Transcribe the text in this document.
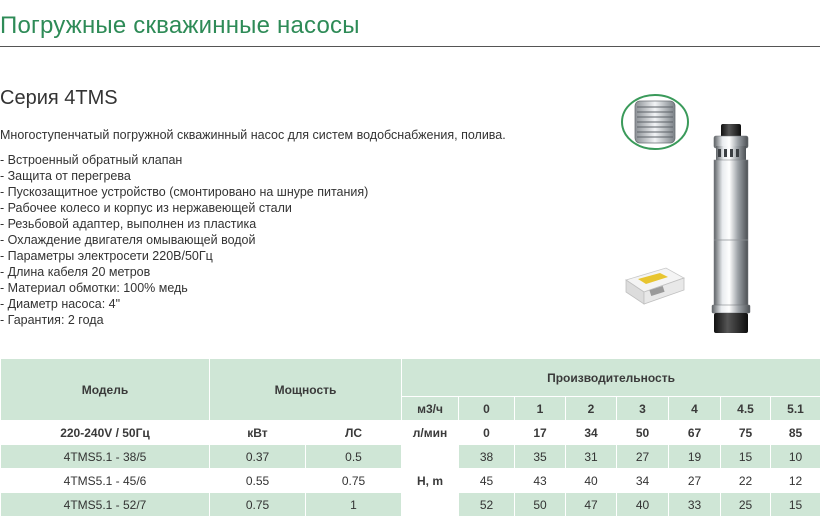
Погружные скважинные насосы
Серия 4TMS
Многоступенчатый погружной скважинный насос для систем водобснабжения, полива.
- Встроенный обратный клапан
- Защита от перегрева
- Пускозащитное устройство (смонтировано на шнуре питания)
- Рабочее колесо и корпус из нержавеющей стали
- Резьбовой адаптер, выполнен из пластика
- Охлаждение двигателя омывающей водой
- Параметры электросети 220В/50Гц
- Длина кабеля 20 метров
- Материал обмотки: 100% медь
- Диаметр насоса: 4"
- Гарантия: 2 года
Модель	Мощность		Производительность							
			м3/ч	0	1	2	3	4	4.5	5.1
220-240V / 50Гц	кВт	ЛС	л/мин	0	17	34	50	67	75	85
4TMS5.1 - 38/5	0.37	0.5	H, m	38	35	31	27	19	15	10
4TMS5.1 - 45/6	0.55	0.75		45	43	40	34	27	22	12
4TMS5.1 - 52/7	0.75	1		52	50	47	40	33	25	15
